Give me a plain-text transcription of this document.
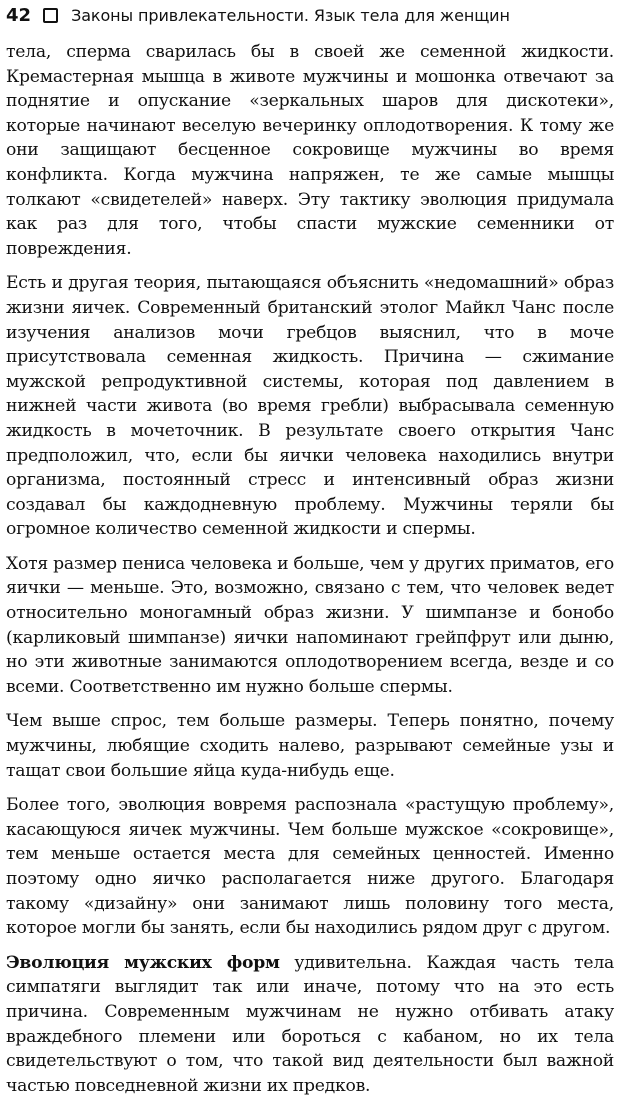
42	Законы привлекательности. Язык тела для женщин

тела, сперма сварилась бы в своей же семенной жидкости. Кремастерная мышца в животе мужчины и мошонка отвечают за поднятие и опускание «зеркальных шаров для дискотеки», которые начинают веселую вечеринку оплодотворения. К тому же они защищают бесценное сокровище мужчины во время конфликта. Когда мужчина напряжен, те же самые мышцы толкают «свидетелей» наверх. Эту тактику эволюция придумала как раз для того, чтобы спасти мужские семенники от повреждения.

Есть и другая теория, пытающаяся объяснить «недомашний» образ жизни яичек. Современный британский этолог Майкл Чанс после изучения анализов мочи гребцов выяснил, что в моче присутствовала семенная жидкость. Причина — сжимание мужской репродуктивной системы, которая под давлением в нижней части живота (во время гребли) выбрасывала семенную жидкость в мочеточник. В результате своего открытия Чанс предположил, что, если бы яички человека находились внутри организма, постоянный стресс и интенсивный образ жизни создавал бы каждодневную проблему. Мужчины теряли бы огромное количество семенной жидкости и спермы.

Хотя размер пениса человека и больше, чем у других приматов, его яички — меньше. Это, возможно, связано с тем, что человек ведет относительно моногамный образ жизни. У шимпанзе и бонобо (карликовый шимпанзе) яички напоминают грейпфрут или дыню, но эти животные занимаются оплодотворением всегда, везде и со всеми. Соответственно им нужно больше спермы.

Чем выше спрос, тем больше размеры. Теперь понятно, почему мужчины, любящие сходить налево, разрывают семейные узы и тащат свои большие яйца куда-нибудь еще.

Более того, эволюция вовремя распознала «растущую проблему», касающуюся яичек мужчины. Чем больше мужское «сокровище», тем меньше остается места для семейных ценностей. Именно поэтому одно яичко располагается ниже другого. Благодаря такому «дизайну» они занимают лишь половину того места, которое могли бы занять, если бы находились рядом друг с другом.

Эволюция мужских форм удивительна. Каждая часть тела симпатяги выглядит так или иначе, потому что на это есть причина. Современным мужчинам не нужно отбивать атаку враждебного племени или бороться с кабаном, но их тела свидетельствуют о том, что такой вид деятельности был важной частью повседневной жизни их предков.
